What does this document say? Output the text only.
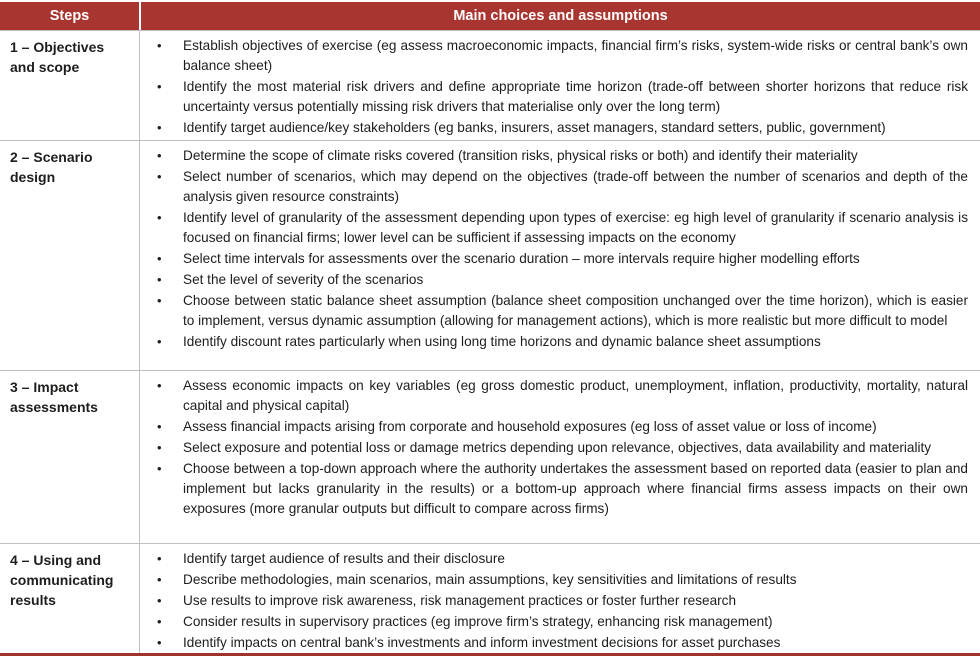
Steps	Main choices and assumptions
1 – Objectives and scope
•	Establish objectives of exercise (eg assess macroeconomic impacts, financial firm’s risks, system-wide risks or central bank’s own balance sheet)
•	Identify the most material risk drivers and define appropriate time horizon (trade-off between shorter horizons that reduce risk uncertainty versus potentially missing risk drivers that materialise only over the long term)
•	Identify target audience/key stakeholders (eg banks, insurers, asset managers, standard setters, public, government)
2 – Scenario design
•	Determine the scope of climate risks covered (transition risks, physical risks or both) and identify their materiality
•	Select number of scenarios, which may depend on the objectives (trade-off between the number of scenarios and depth of the analysis given resource constraints)
•	Identify level of granularity of the assessment depending upon types of exercise: eg high level of granularity if scenario analysis is focused on financial firms; lower level can be sufficient if assessing impacts on the economy
•	Select time intervals for assessments over the scenario duration – more intervals require higher modelling efforts
•	Set the level of severity of the scenarios
•	Choose between static balance sheet assumption (balance sheet composition unchanged over the time horizon), which is easier to implement, versus dynamic assumption (allowing for management actions), which is more realistic but more difficult to model
•	Identify discount rates particularly when using long time horizons and dynamic balance sheet assumptions
3 – Impact assessments
•	Assess economic impacts on key variables (eg gross domestic product, unemployment, inflation, productivity, mortality, natural capital and physical capital)
•	Assess financial impacts arising from corporate and household exposures (eg loss of asset value or loss of income)
•	Select exposure and potential loss or damage metrics depending upon relevance, objectives, data availability and materiality
•	Choose between a top-down approach where the authority undertakes the assessment based on reported data (easier to plan and implement but lacks granularity in the results) or a bottom-up approach where financial firms assess impacts on their own exposures (more granular outputs but difficult to compare across firms)
4 – Using and communicating results
•	Identify target audience of results and their disclosure
•	Describe methodologies, main scenarios, main assumptions, key sensitivities and limitations of results
•	Use results to improve risk awareness, risk management practices or foster further research
•	Consider results in supervisory practices (eg improve firm’s strategy, enhancing risk management)
•	Identify impacts on central bank’s investments and inform investment decisions for asset purchases
